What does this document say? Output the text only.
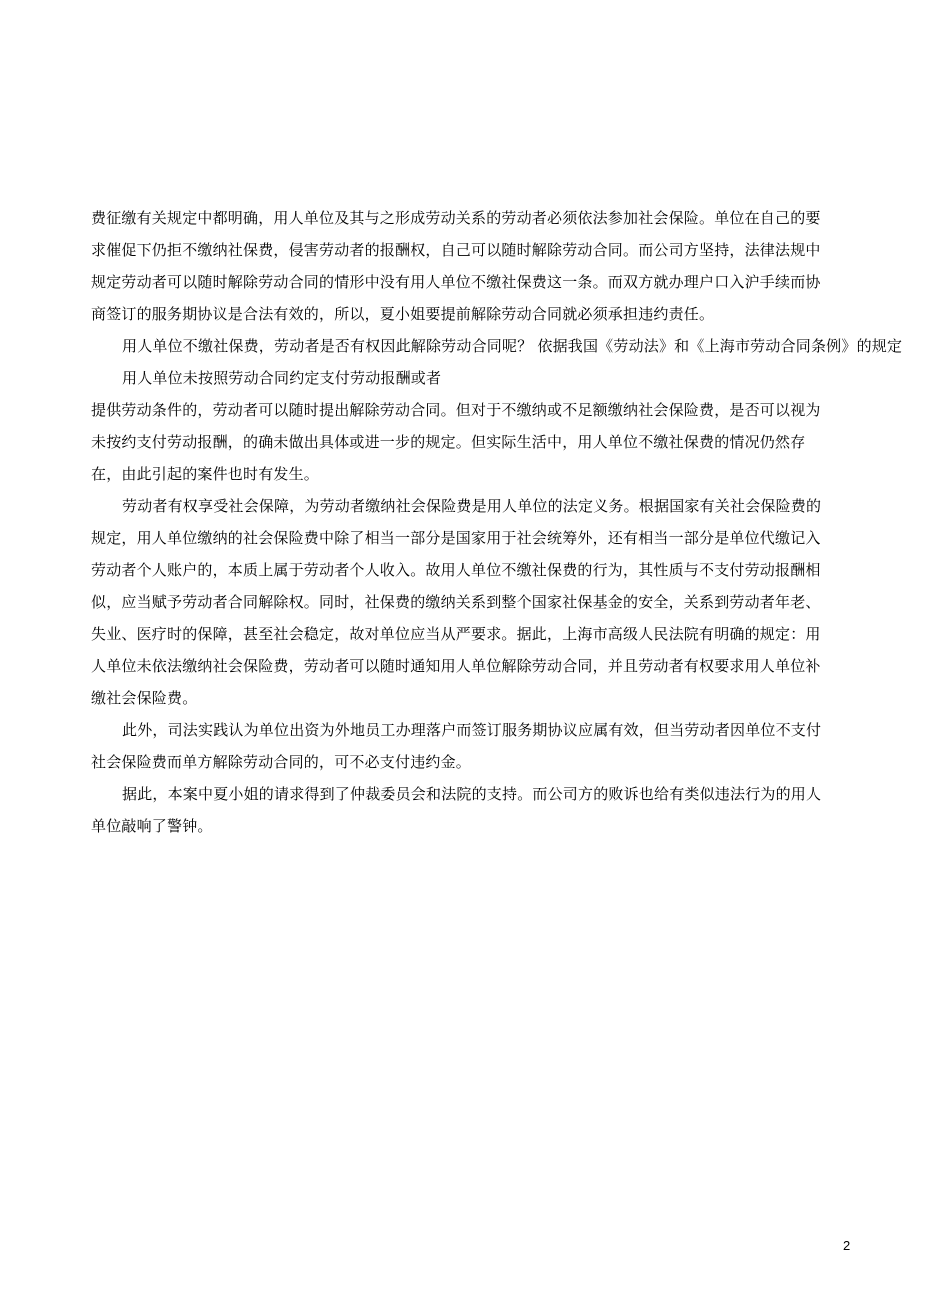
费征缴有关规定中都明确，用人单位及其与之形成劳动关系的劳动者必须依法参加社会保险。单位在自己的要
求催促下仍拒不缴纳社保费，侵害劳动者的报酬权，自己可以随时解除劳动合同。而公司方坚持，法律法规中
规定劳动者可以随时解除劳动合同的情形中没有用人单位不缴社保费这一条。而双方就办理户口入沪手续而协
商签订的服务期协议是合法有效的，所以，夏小姐要提前解除劳动合同就必须承担违约责任。
用人单位不缴社保费，劳动者是否有权因此解除劳动合同呢？ 依据我国《劳动法》和《上海市劳动合同条例》的规定
用人单位未按照劳动合同约定支付劳动报酬或者
提供劳动条件的，劳动者可以随时提出解除劳动合同。但对于不缴纳或不足额缴纳社会保险费，是否可以视为
未按约支付劳动报酬，的确未做出具体或进一步的规定。但实际生活中，用人单位不缴社保费的情况仍然存
在，由此引起的案件也时有发生。
劳动者有权享受社会保障，为劳动者缴纳社会保险费是用人单位的法定义务。根据国家有关社会保险费的
规定，用人单位缴纳的社会保险费中除了相当一部分是国家用于社会统筹外，还有相当一部分是单位代缴记入
劳动者个人账户的，本质上属于劳动者个人收入。故用人单位不缴社保费的行为，其性质与不支付劳动报酬相
似，应当赋予劳动者合同解除权。同时，社保费的缴纳关系到整个国家社保基金的安全，关系到劳动者年老、
失业、医疗时的保障，甚至社会稳定，故对单位应当从严要求。据此，上海市高级人民法院有明确的规定：用
人单位未依法缴纳社会保险费，劳动者可以随时通知用人单位解除劳动合同，并且劳动者有权要求用人单位补
缴社会保险费。
此外，司法实践认为单位出资为外地员工办理落户而签订服务期协议应属有效，但当劳动者因单位不支付
社会保险费而单方解除劳动合同的，可不必支付违约金。
据此，本案中夏小姐的请求得到了仲裁委员会和法院的支持。而公司方的败诉也给有类似违法行为的用人
单位敲响了警钟。
2
